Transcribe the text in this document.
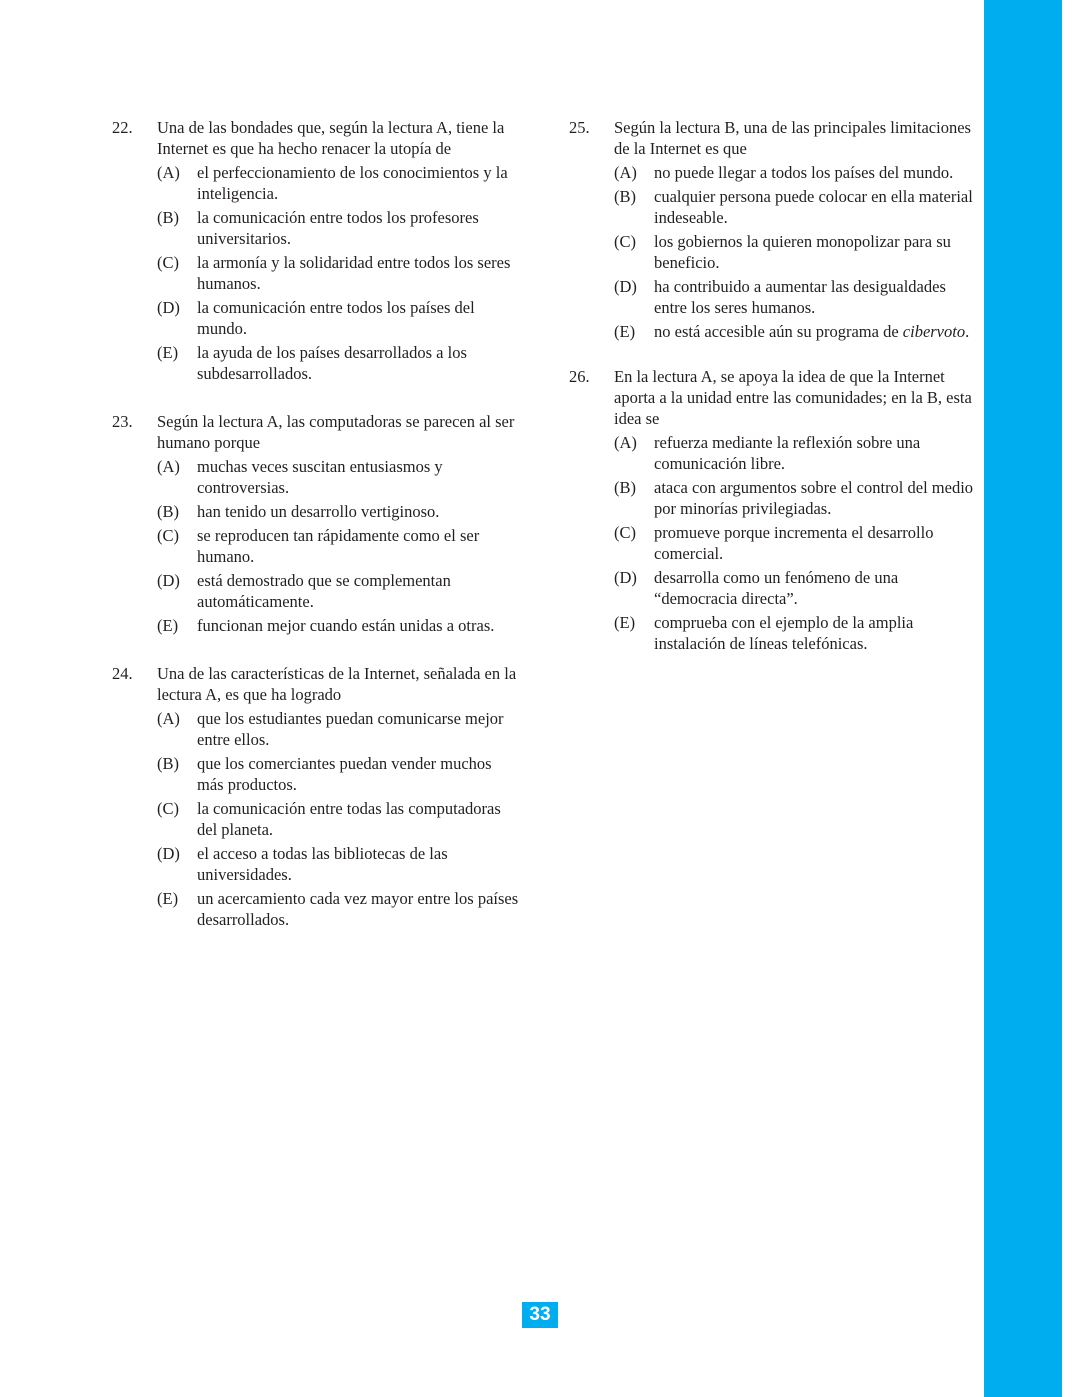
22. Una de las bondades que, según la lectura A, tiene la Internet es que ha hecho renacer la utopía de
(A) el perfeccionamiento de los conocimientos y la inteligencia.
(B) la comunicación entre todos los profesores universitarios.
(C) la armonía y la solidaridad entre todos los seres humanos.
(D) la comunicación entre todos los países del mundo.
(E) la ayuda de los países desarrollados a los subdesarrollados.
23. Según la lectura A, las computadoras se parecen al ser humano porque
(A) muchas veces suscitan entusiasmos y controversias.
(B) han tenido un desarrollo vertiginoso.
(C) se reproducen tan rápidamente como el ser humano.
(D) está demostrado que se complementan automáticamente.
(E) funcionan mejor cuando están unidas a otras.
24. Una de las características de la Internet, señalada en la lectura A, es que ha logrado
(A) que los estudiantes puedan comunicarse mejor entre ellos.
(B) que los comerciantes puedan vender muchos más productos.
(C) la comunicación entre todas las computadoras del planeta.
(D) el acceso a todas las bibliotecas de las universidades.
(E) un acercamiento cada vez mayor entre los países desarrollados.
25. Según la lectura B, una de las principales limitaciones de la Internet es que
(A) no puede llegar a todos los países del mundo.
(B) cualquier persona puede colocar en ella material indeseable.
(C) los gobiernos la quieren monopolizar para su beneficio.
(D) ha contribuido a aumentar las desigualdades entre los seres humanos.
(E) no está accesible aún su programa de cibervoto.
26. En la lectura A, se apoya la idea de que la Internet aporta a la unidad entre las comunidades; en la B, esta idea se
(A) refuerza mediante la reflexión sobre una comunicación libre.
(B) ataca con argumentos sobre el control del medio por minorías privilegiadas.
(C) promueve porque incrementa el desarrollo comercial.
(D) desarrolla como un fenómeno de una “democracia directa”.
(E) comprueba con el ejemplo de la amplia instalación de líneas telefónicas.
33
